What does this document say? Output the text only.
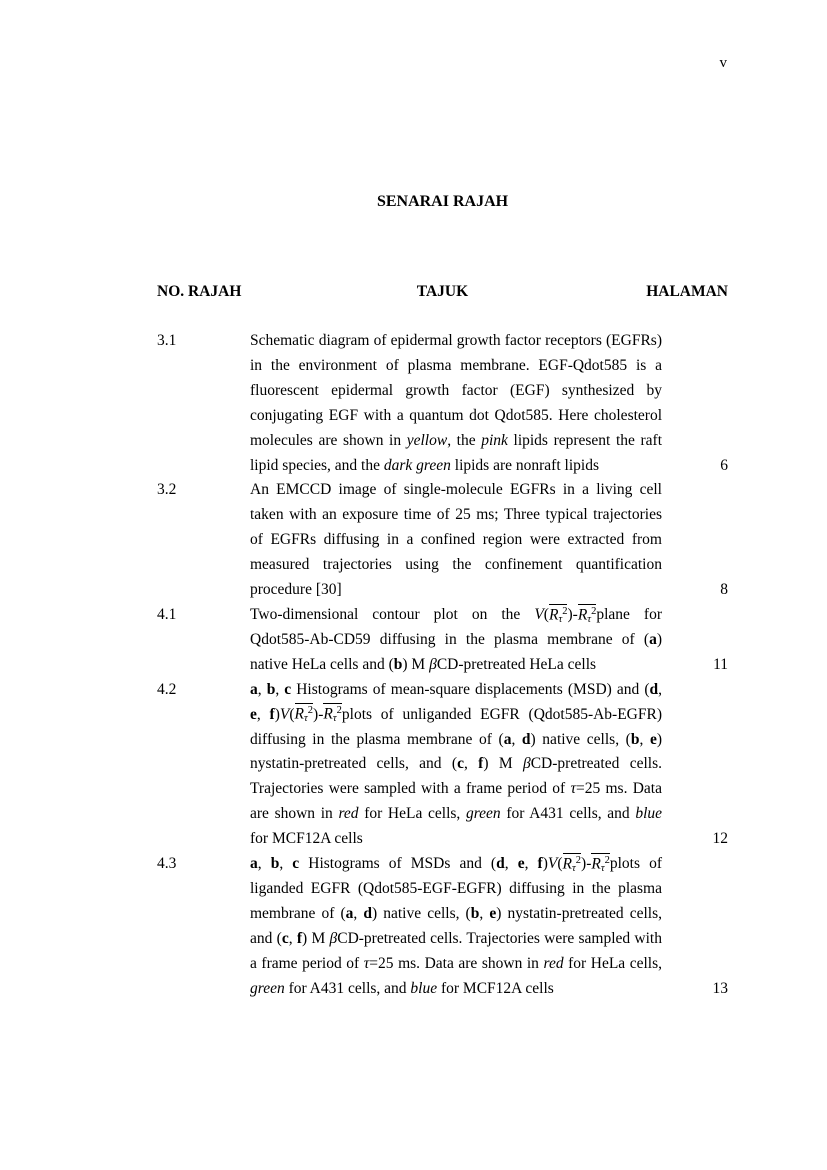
v
SENARAI RAJAH
NO. RAJAH	TAJUK	HALAMAN
3.1	Schematic diagram of epidermal growth factor receptors (EGFRs) in the environment of plasma membrane. EGF-Qdot585 is a fluorescent epidermal growth factor (EGF) synthesized by conjugating EGF with a quantum dot Qdot585. Here cholesterol molecules are shown in yellow, the pink lipids represent the raft lipid species, and the dark green lipids are nonraft lipids	6
3.2	An EMCCD image of single-molecule EGFRs in a living cell taken with an exposure time of 25 ms; Three typical trajectories of EGFRs diffusing in a confined region were extracted from measured trajectories using the confinement quantification procedure [30]	8
4.1	Two-dimensional contour plot on the $V(R\tau^2)-R\tau^2plane$ for Qdot585-Ab-CD59 diffusing in the plasma membrane of (a) native HeLa cells and (b) M βCD-pretreated HeLa cells	11
4.2	a, b, c Histograms of mean-square displacements (MSD) and (d, e, $f)V(R\tau^2)-R\tau^2plots$ of unliganded EGFR (Qdot585-Ab-EGFR) diffusing in the plasma membrane of (a, d) native cells, (b, e) nystatin-pretreated cells, and (c, f) M βCD-pretreated cells. Trajectories were sampled with a frame period of τ=25 ms. Data are shown in red for HeLa cells, green for A431 cells, and blue for MCF12A cells	12
4.3	a, b, c Histograms of MSDs and (d, e, $f)V(R\tau^2)-R\tau^2plots$ of liganded EGFR (Qdot585-EGF-EGFR) diffusing in the plasma membrane of (a, d) native cells, (b, e) nystatin-pretreated cells, and (c, f) M βCD-pretreated cells. Trajectories were sampled with a frame period of τ=25 ms. Data are shown in red for HeLa cells, green for A431 cells, and blue for MCF12A cells	13
